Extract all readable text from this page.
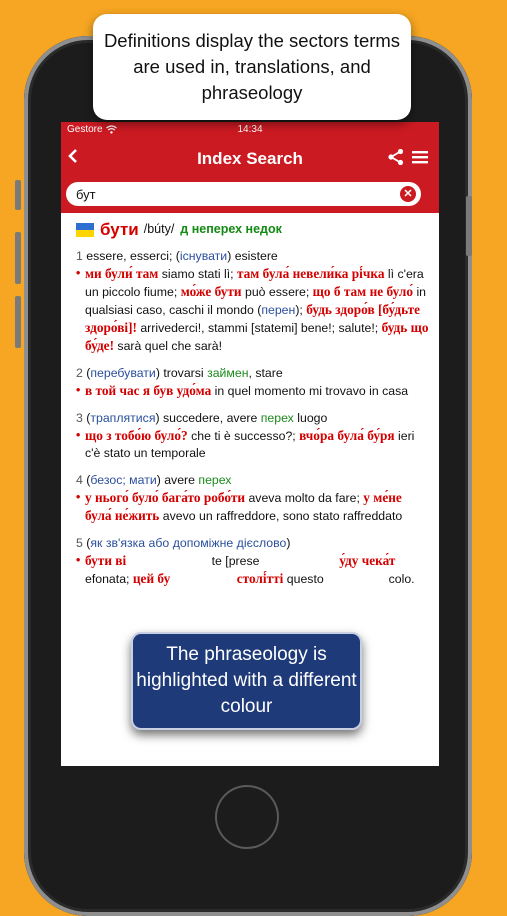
Gestore	14:34
Index Search
бут	✕
бути /búty/ д неперех недок
1 essere, esserci; (існувати) esistere
• ми були́ там siamo stati lì; там була́ невели́ка рі́чка lì c'era un piccolo fiume; мо́же бути può essere; що б там не було́ in qualsiasi caso, caschi il mondo (перен); будь здоро́в [бу́дьте здоро́ві]! arrivederci!, stammi [statemi] bene!; salute!; будь що бу́де! sarà quel che sarà!
2 (перебувати) trovarsi займен, stare
• в той час я був удо́ма in quel momento mi trovavo in casa
3 (траплятися) succedere, avere перех luogo
• що з тобо́ю було́? che ti è successo?; вчо́ра була́ бу́ря ieri c'è stato un temporale
4 (безос; мати) avere перех
• у нього́ було́ бага́то робо́ти aveva molto da fare; у ме́не була́ не́жить avevo un raffreddore, sono stato raffreddato
5 (як зв'язка або допоміжне дієслово)
• бути ві                         te [prese                        у́ду чека́т                     efonata; цей бу                    столі́тті questo                   colo.
Definitions display the sectors terms are used in, translations, and phraseology
The phraseology is highlighted with a different colour
